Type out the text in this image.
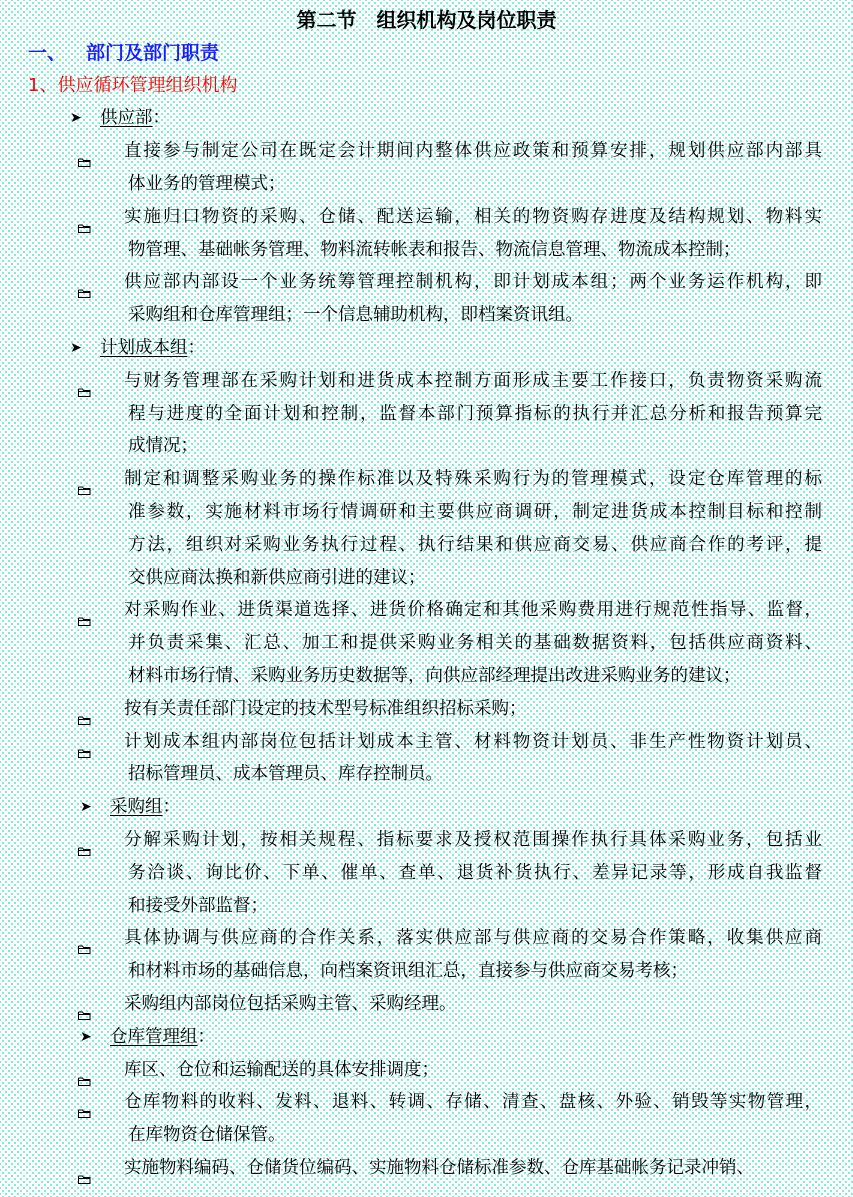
第二节　组织机构及岗位职责
一、 部门及部门职责
1、供应循环管理组织机构
➤ 供应部：
直接参与制定公司在既定会计期间内整体供应政策和预算安排，规划供应部内部具
体业务的管理模式；
实施归口物资的采购、仓储、配送运输，相关的物资购存进度及结构规划、物料实
物管理、基础帐务管理、物料流转帐表和报告、物流信息管理、物流成本控制；
供应部内部设一个业务统筹管理控制机构，即计划成本组；两个业务运作机构，即
采购组和仓库管理组；一个信息辅助机构，即档案资讯组。
➤ 计划成本组：
与财务管理部在采购计划和进货成本控制方面形成主要工作接口，负责物资采购流
程与进度的全面计划和控制，监督本部门预算指标的执行并汇总分析和报告预算完
成情况；
制定和调整采购业务的操作标准以及特殊采购行为的管理模式，设定仓库管理的标
准参数，实施材料市场行情调研和主要供应商调研，制定进货成本控制目标和控制
方法，组织对采购业务执行过程、执行结果和供应商交易、供应商合作的考评，提
交供应商汰换和新供应商引进的建议；
对采购作业、进货渠道选择、进货价格确定和其他采购费用进行规范性指导、监督，
并负责采集、汇总、加工和提供采购业务相关的基础数据资料，包括供应商资料、
材料市场行情、采购业务历史数据等，向供应部经理提出改进采购业务的建议；
按有关责任部门设定的技术型号标准组织招标采购；
计划成本组内部岗位包括计划成本主管、材料物资计划员、非生产性物资计划员、
招标管理员、成本管理员、库存控制员。
➤ 采购组：
分解采购计划，按相关规程、指标要求及授权范围操作执行具体采购业务，包括业
务洽谈、询比价、下单、催单、查单、退货补货执行、差异记录等，形成自我监督
和接受外部监督；
具体协调与供应商的合作关系，落实供应部与供应商的交易合作策略，收集供应商
和材料市场的基础信息，向档案资讯组汇总，直接参与供应商交易考核；
采购组内部岗位包括采购主管、采购经理。
➤ 仓库管理组：
库区、仓位和运输配送的具体安排调度；
仓库物料的收料、发料、退料、转调、存储、清查、盘核、外验、销毁等实物管理，
在库物资仓储保管。
实施物料编码、仓储货位编码、实施物料仓储标准参数、仓库基础帐务记录冲销、
